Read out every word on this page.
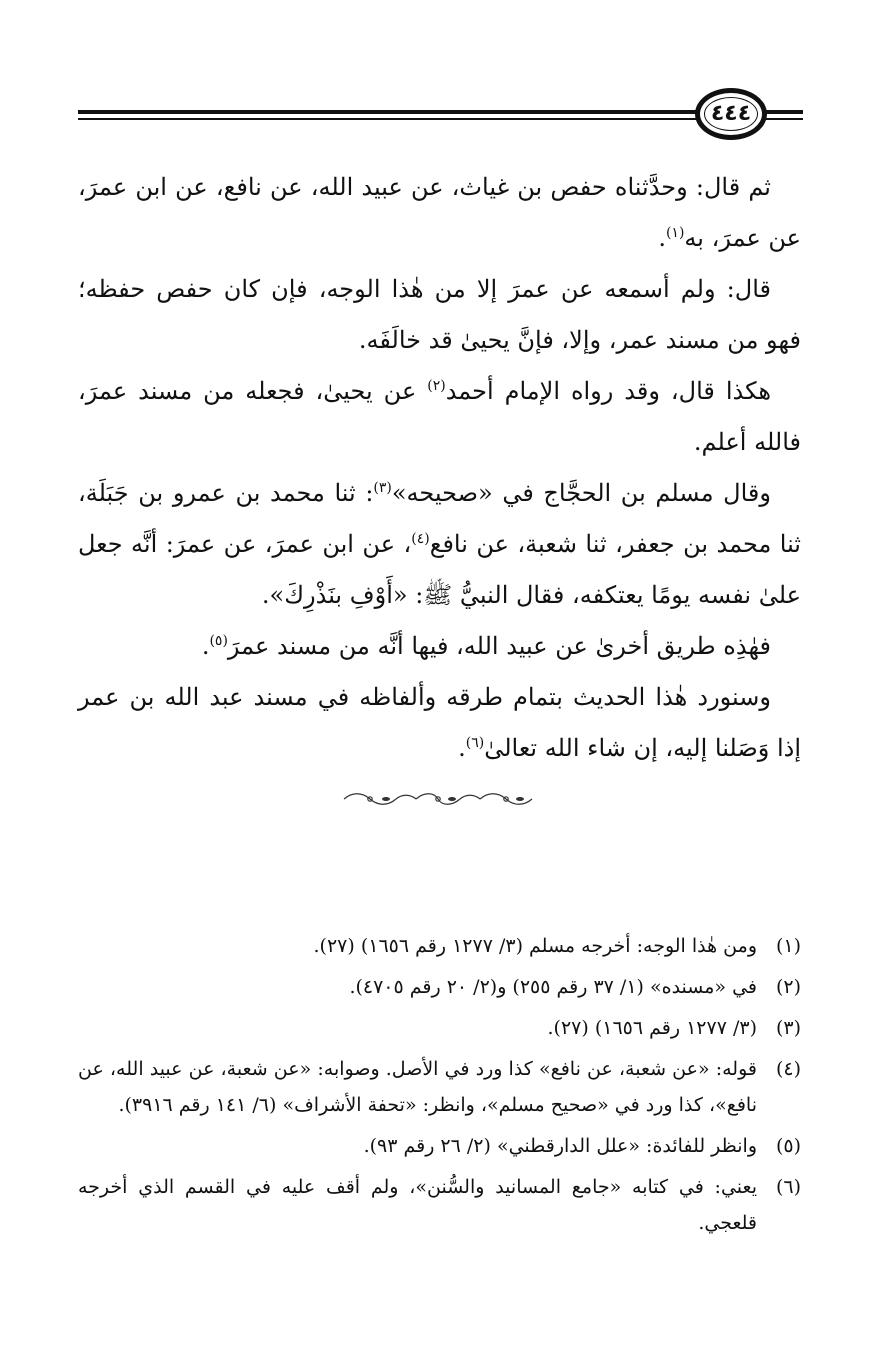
٤٤٤

ثم قال: وحدَّثناه حفص بن غياث، عن عبيد الله، عن نافع، عن ابن عمرَ، عن عمرَ، به$^{(١)}$.

قال: ولم أسمعه عن عمرَ إلا من هٰذا الوجه، فإن كان حفص حفظه؛ فهو من مسند عمر، وإلا، فإنَّ يحيىٰ قد خالَفَه.

هكذا قال، وقد رواه الإمام أحمد$^{(٢)}$ عن يحيىٰ، فجعله من مسند عمرَ، فالله أعلم.

وقال مسلم بن الحجَّاج في «صحيحه»$^{(٣)}$: ثنا محمد بن عمرو بن جَبَلَة، ثنا محمد بن جعفر، ثنا شعبة، عن نافع$^{(٤)}$، عن ابن عمرَ، عن عمرَ: أنَّه جعل علىٰ نفسه يومًا يعتكفه، فقال النبيُّ ﷺ: «أَوْفِ بنَذْرِكَ».

فهٰذِه طريق أخرىٰ عن عبيد الله، فيها أنَّه من مسند عمرَ$^{(٥)}$.

وسنورد هٰذا الحديث بتمام طرقه وألفاظه في مسند عبد الله بن عمر إذا وَصَلنا إليه، إن شاء الله تعالىٰ$^{(٦)}$.

(١)
ومن هٰذا الوجه: أخرجه مسلم (٣/ ١٢٧٧ رقم ١٦٥٦) (٢٧).
(٢)
في «مسنده» (١/ ٣٧ رقم ٢٥٥) و(٢/ ٢٠ رقم ٤٧٠٥).
(٣)
(٣/ ١٢٧٧ رقم ١٦٥٦) (٢٧).
(٤)
قوله: «عن شعبة، عن نافع» كذا ورد في الأصل. وصوابه: «عن شعبة، عن عبيد الله، عن نافع»، كذا ورد في «صحيح مسلم»، وانظر: «تحفة الأشراف» (٦/ ١٤١ رقم ٣٩١٦).
(٥)
وانظر للفائدة: «علل الدارقطني» (٢/ ٢٦ رقم ٩٣).
(٦)
يعني: في كتابه «جامع المسانيد والسُّنن»، ولم أقف عليه في القسم الذي أخرجه قلعجي.
